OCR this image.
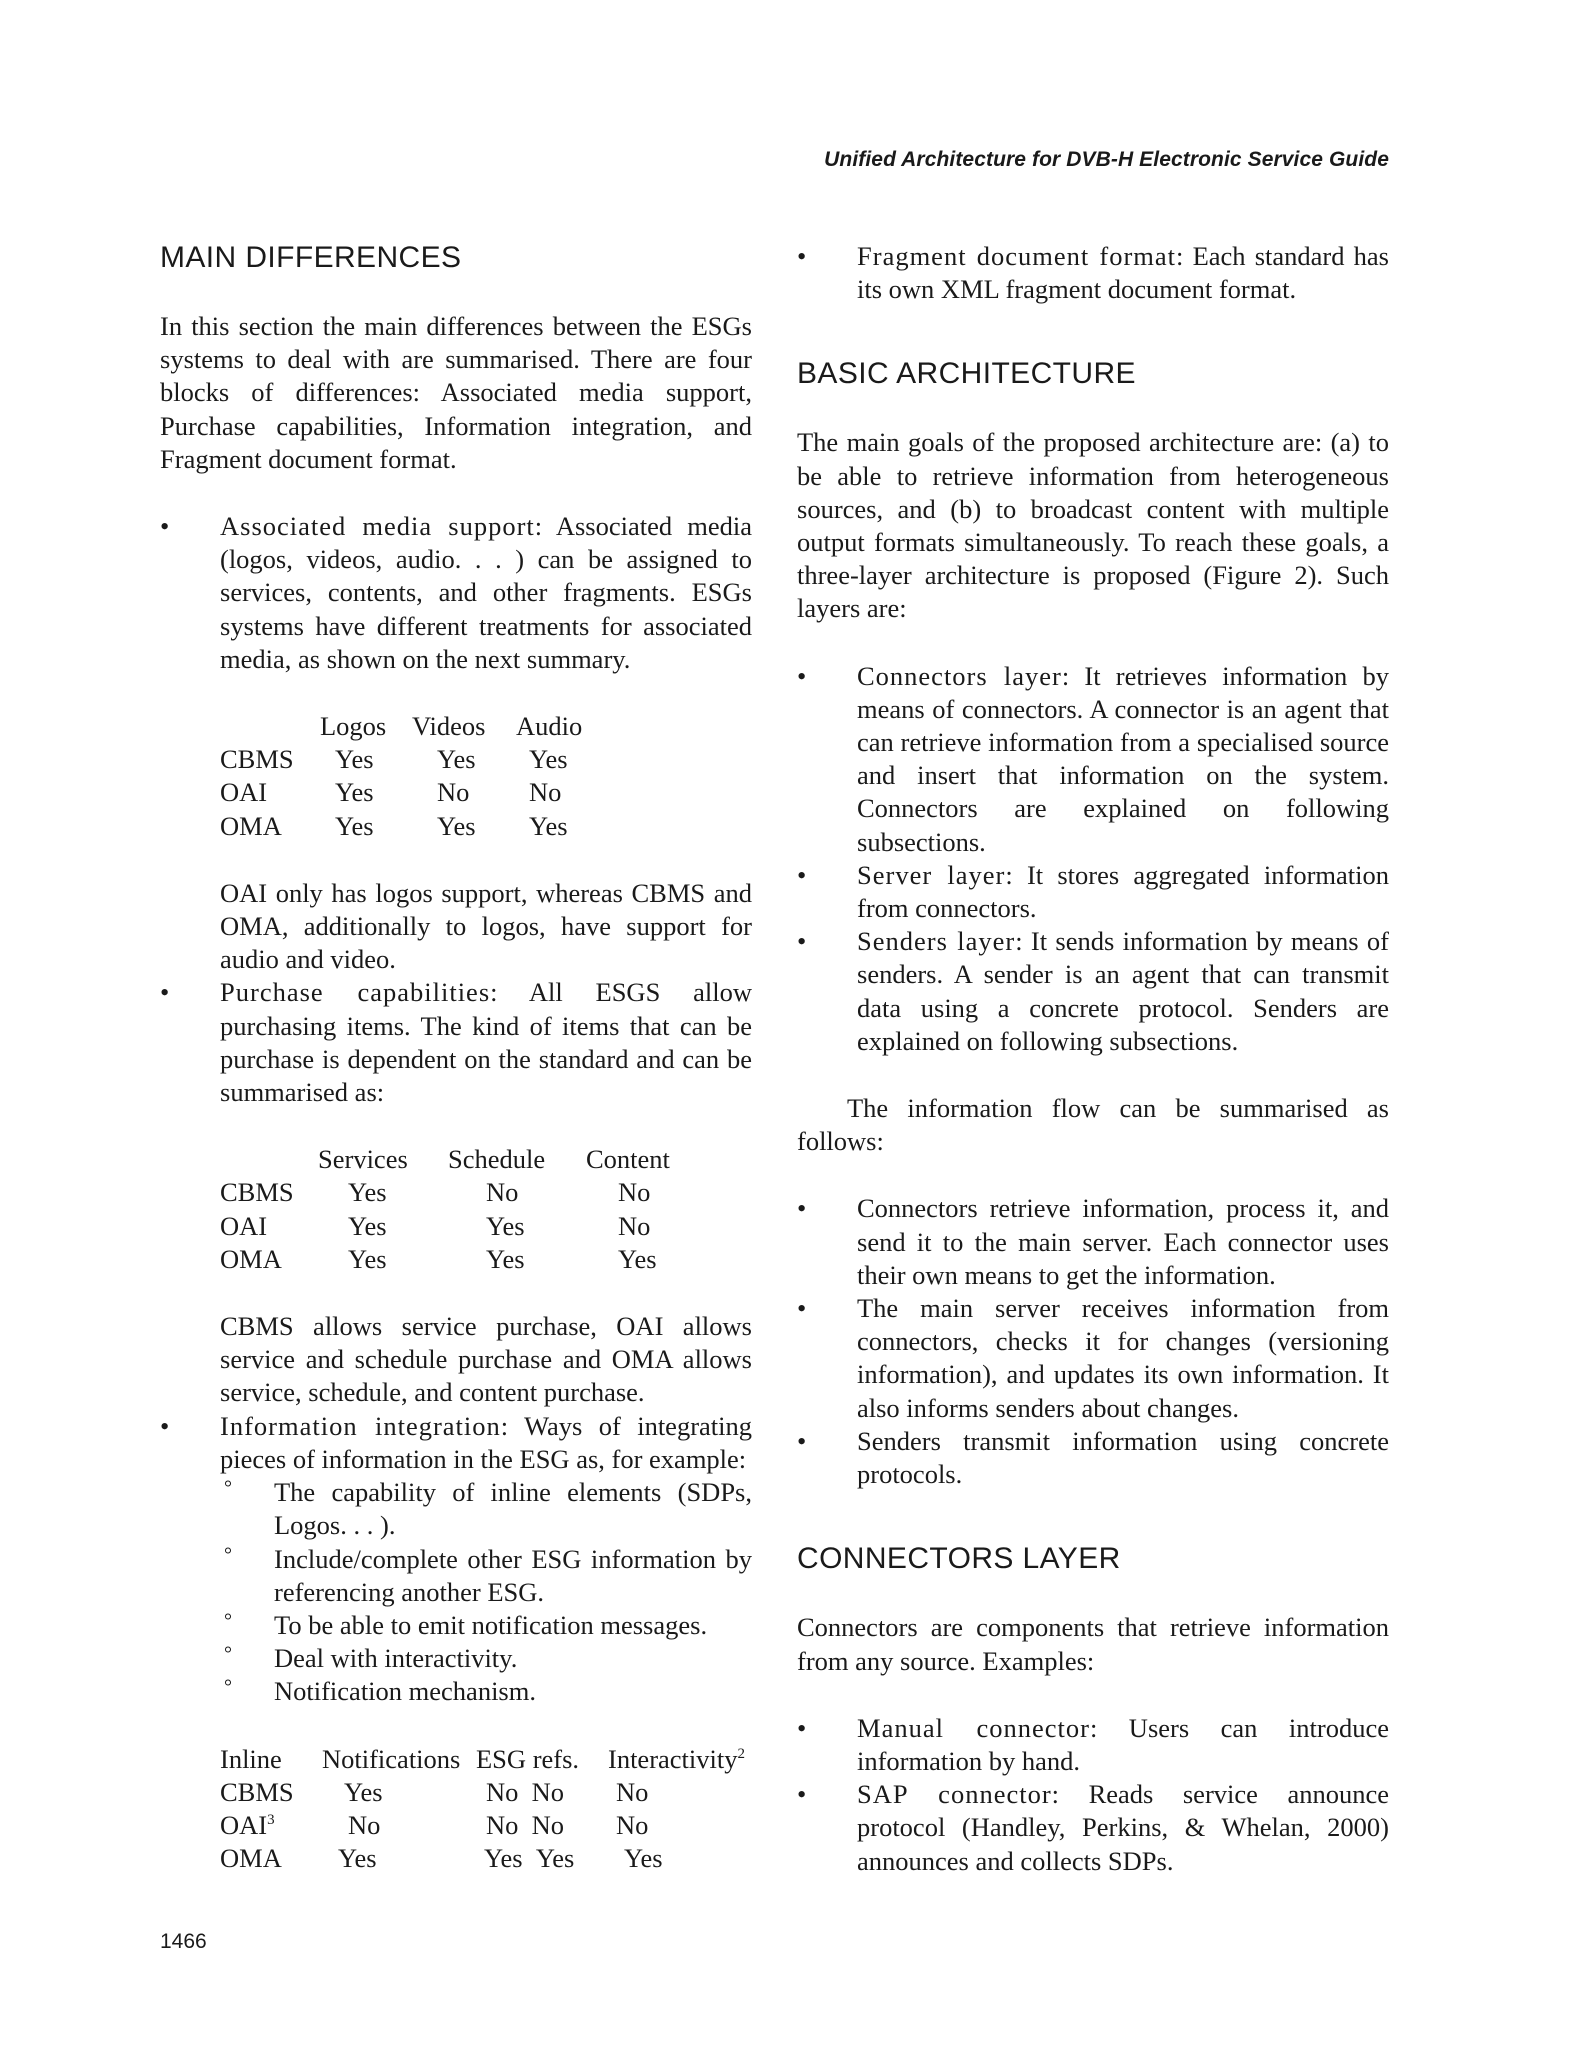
Unified Architecture for DVB-H Electronic Service Guide
MAIN DIFFERENCES

In this section the main differences between the ESGs systems to deal with are summarised. There are four blocks of differences: Associated media support, Purchase capabilities, Information integration, and Fragment document format.

• Associated media support: Associated media (logos, videos, audio. . . ) can be assigned to services, contents, and other fragments. ESGs systems have different treatments for associated media, as shown on the next summary.
	Logos	Videos	Audio
CBMS	Yes	Yes	Yes
OAI	Yes	No	No
OMA	Yes	Yes	Yes

OAI only has logos support, whereas CBMS and OMA, additionally to logos, have support for audio and video.

• Purchase capabilities: All ESGS allow purchasing items. The kind of items that can be purchase is dependent on the standard and can be summarised as:
	Services	Schedule	Content
CBMS	Yes	No	No
OAI	Yes	Yes	No
OMA	Yes	Yes	Yes

CBMS allows service purchase, OAI allows service and schedule purchase and OMA allows service, schedule, and content purchase.

• Information integration: Ways of integrating pieces of information in the ESG as, for example:
° The capability of inline elements (SDPs, Logos. . . ).
° Include/complete other ESG information by referencing another ESG.
° To be able to emit notification messages.
° Deal with interactivity.
° Notification mechanism.
Inline	Notifications	ESG refs.	Interactivity$^2$
CBMS	Yes	No No	No
OAI$^3$	No	No No	No
OMA	Yes	Yes Yes	Yes
• Fragment document format: Each standard has its own XML fragment document format.
BASIC ARCHITECTURE

The main goals of the proposed architecture are: (a) to be able to retrieve information from heterogeneous sources, and (b) to broadcast content with multiple output formats simultaneously. To reach these goals, a three-layer architecture is proposed (Figure 2). Such layers are:

• Connectors layer: It retrieves information by means of connectors. A connector is an agent that can retrieve information from a specialised source and insert that information on the system. Connectors are explained on following subsections.
• Server layer: It stores aggregated information from connectors.
• Senders layer: It sends information by means of senders. A sender is an agent that can transmit data using a concrete protocol. Senders are explained on following subsections.

The information flow can be summarised as follows:

• Connectors retrieve information, process it, and send it to the main server. Each connector uses their own means to get the information.
• The main server receives information from connectors, checks it for changes (versioning information), and updates its own information. It also informs senders about changes.
• Senders transmit information using concrete protocols.
CONNECTORS LAYER

Connectors are components that retrieve information from any source. Examples:

• Manual connector: Users can introduce information by hand.
• SAP connector: Reads service announce protocol (Handley, Perkins, & Whelan, 2000) announces and collects SDPs.
1466
